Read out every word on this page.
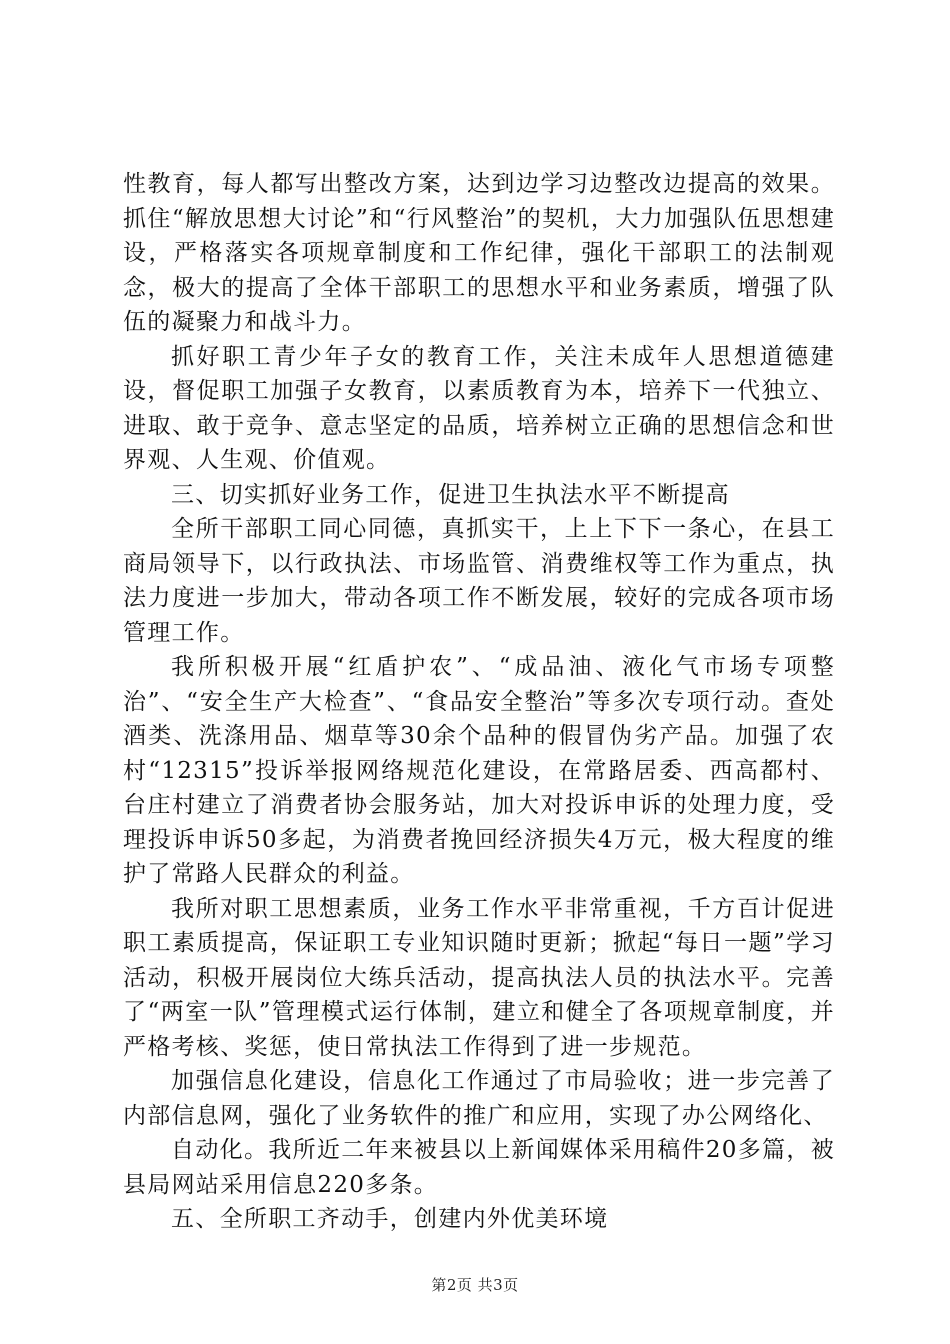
性教育，每人都写出整改方案，达到边学习边整改边提高的效果。抓住“解放思想大讨论”和“行风整治”的契机，大力加强队伍思想建设，严格落实各项规章制度和工作纪律，强化干部职工的法制观念，极大的提高了全体干部职工的思想水平和业务素质，增强了队伍的凝聚力和战斗力。

抓好职工青少年子女的教育工作，关注未成年人思想道德建设，督促职工加强子女教育，以素质教育为本，培养下一代独立、进取、敢于竞争、意志坚定的品质，培养树立正确的思想信念和世界观、人生观、价值观。

三、切实抓好业务工作，促进卫生执法水平不断提高

全所干部职工同心同德，真抓实干，上上下下一条心，在县工商局领导下，以行政执法、市场监管、消费维权等工作为重点，执法力度进一步加大，带动各项工作不断发展，较好的完成各项市场管理工作。

我所积极开展“红盾护农”、“成品油、液化气市场专项整治”、“安全生产大检查”、“食品安全整治”等多次专项行动。查处酒类、洗涤用品、烟草等30余个品种的假冒伪劣产品。加强了农村“12315”投诉举报网络规范化建设，在常路居委、西高都村、台庄村建立了消费者协会服务站，加大对投诉申诉的处理力度，受理投诉申诉50多起，为消费者挽回经济损失4万元，极大程度的维护了常路人民群众的利益。

我所对职工思想素质，业务工作水平非常重视，千方百计促进职工素质提高，保证职工专业知识随时更新；掀起“每日一题”学习活动，积极开展岗位大练兵活动，提高执法人员的执法水平。完善了“两室一队”管理模式运行体制，建立和健全了各项规章制度，并严格考核、奖惩，使日常执法工作得到了进一步规范。

加强信息化建设，信息化工作通过了市局验收；进一步完善了内部信息网，强化了业务软件的推广和应用，实现了办公网络化、

自动化。我所近二年来被县以上新闻媒体采用稿件20多篇，被县局网站采用信息220多条。

五、全所职工齐动手，创建内外优美环境

第2页 共3页
